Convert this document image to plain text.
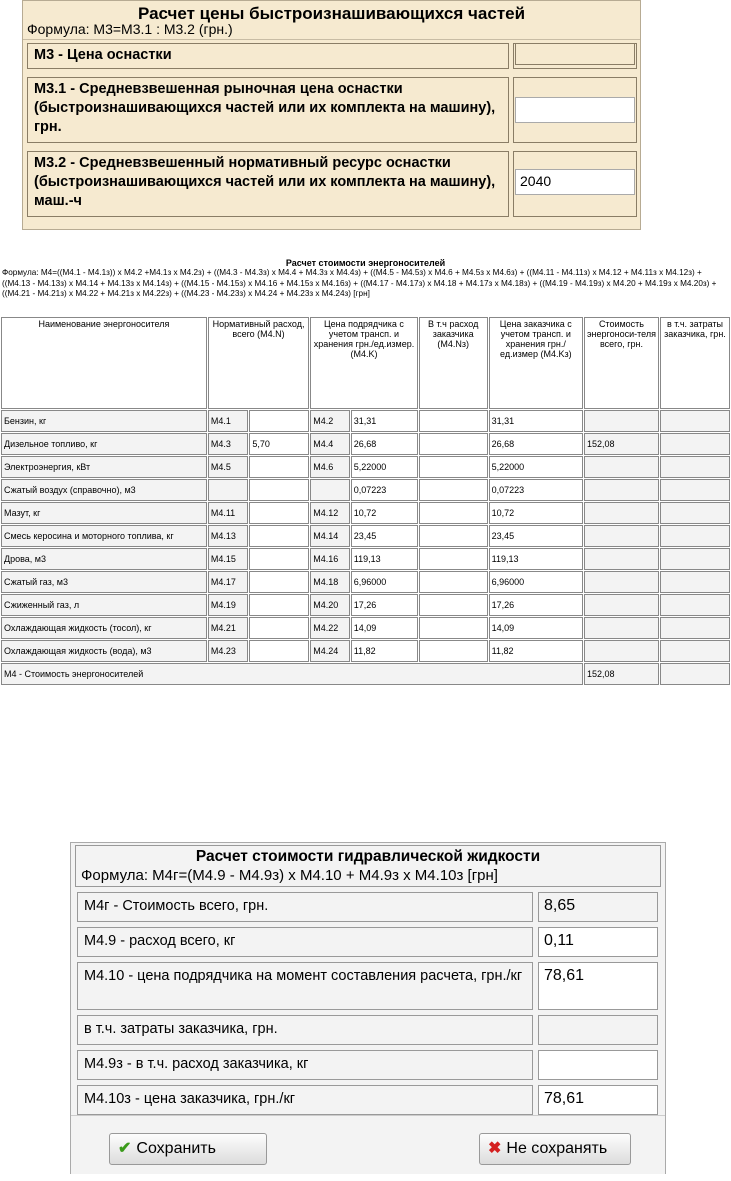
Расчет цены быстроизнашивающихся частей
Формула: М3=М3.1 : М3.2 (грн.)
М3 - Цена оснастки
М3.1 - Средневзвешенная рыночная цена оснастки (быстроизнашивающихся частей или их комплекта на машину), грн.
М3.2 - Средневзвешенный нормативный ресурс оснастки (быстроизнашивающихся частей или их комплекта на машину), маш.-ч
2040
Расчет стоимости энергоносителей
Формула: М4=((М4.1 - М4.1з)) х М4.2 +М4.1з х М4.2з) + ((М4.3 - М4.3з) х М4.4 + М4.3з х М4.4з) + ((М4.5 - М4.5з) х М4.6 + М4.5з х М4.6з) + ((М4.11 - М4.11з) х М4.12 + М4.11з х М4.12з) + ((М4.13 - М4.13з) х М4.14 + М4.13з х М4.14з) + ((М4.15 - М4.15з) х М4.16 + М4.15з х М4.16з) + ((М4.17 - М4.17з) х М4.18 + М4.17з х М4.18з) + ((М4.19 - М4.19з) х М4.20 + М4.19з х М4.20з) + ((М4.21 - М4.21з) х М4.22 + М4.21з х М4.22з) + ((М4.23 - М4.23з) х М4.24 + М4.23з х М4.24з) [грн]
Наименование энергоносителя	Нормативный расход, всего (М4.N)		Цена подрядчика с учетом трансп. и хранения грн./ед.измер. (М4.K)		В т.ч расход заказчика (М4.Nз)	Цена заказчика с учетом трансп. и хранения грн./ед.измер (М4.Kз)	Стоимость энергоноси-теля всего, грн.	в т.ч. затраты заказчика, грн.
Бензин, кг	М4.1		М4.2	31,31		31,31		
Дизельное топливо, кг	М4.3	5,70	М4.4	26,68		26,68	152,08	
Электроэнергия, кВт	М4.5		М4.6	5,22000		5,22000		
Сжатый воздух (справочно), м3				0,07223		0,07223		
Мазут, кг	М4.11		М4.12	10,72		10,72		
Смесь керосина и моторного топлива, кг	М4.13		М4.14	23,45		23,45		
Дрова, м3	М4.15		М4.16	119,13		119,13		
Сжатый газ, м3	М4.17		М4.18	6,96000		6,96000		
Сжиженный газ, л	М4.19		М4.20	17,26		17,26		
Охлаждающая жидкость (тосол), кг	М4.21		М4.22	14,09		14,09		
Охлаждающая жидкость (вода), м3	М4.23		М4.24	11,82		11,82		
М4 - Стоимость энергоносителей							152,08	
Расчет стоимости гидравлической жидкости
Формула: М4г=(М4.9 - М4.9з) х М4.10 + М4.9з х М4.10з [грн]
М4г - Стоимость всего, грн.	8,65
М4.9 - расход всего, кг	0,11
М4.10 - цена подрядчика на момент составления расчета, грн./кг	78,61
в т.ч. затраты заказчика, грн.
М4.9з - в т.ч. расход заказчика, кг
М4.10з - цена заказчика, грн./кг	78,61
✔ Сохранить	✖ Не сохранять
